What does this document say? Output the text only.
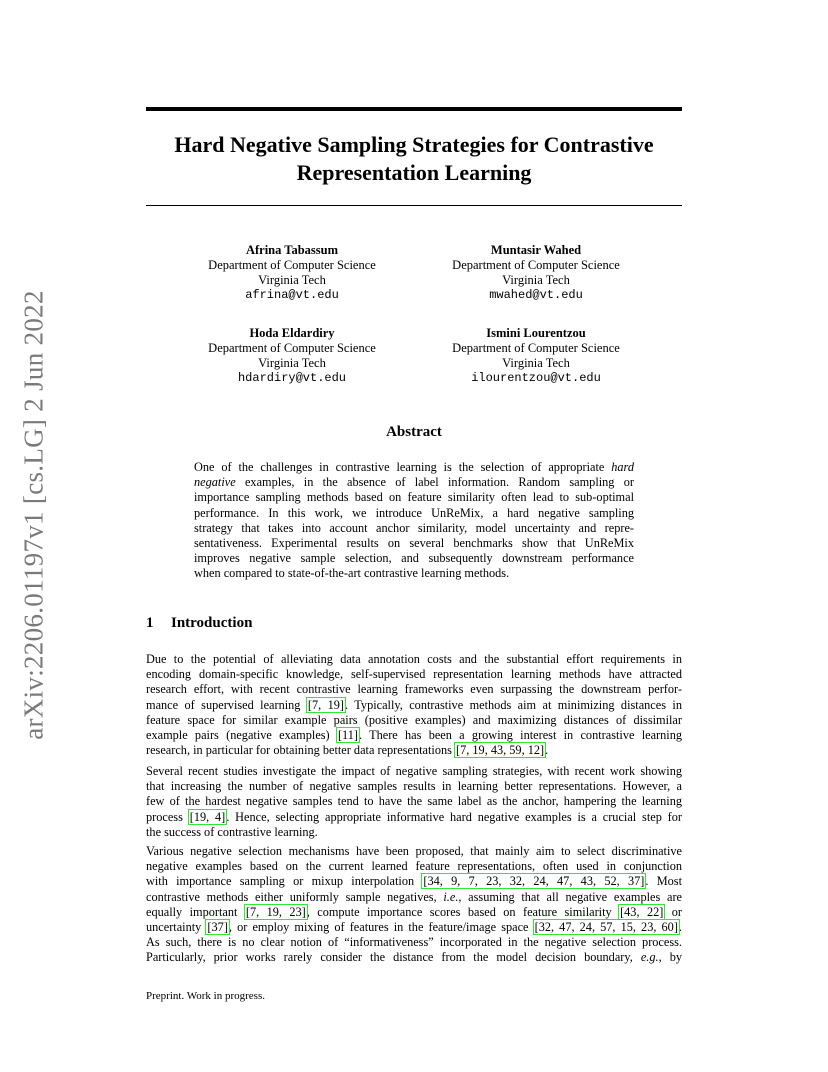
arXiv:2206.01197v1 [cs.LG] 2 Jun 2022
Hard Negative Sampling Strategies for Contrastive
Representation Learning
Afrina Tabassum
Department of Computer Science
Virginia Tech
afrina@vt.edu
Muntasir Wahed
Department of Computer Science
Virginia Tech
mwahed@vt.edu
Hoda Eldardiry
Department of Computer Science
Virginia Tech
hdardiry@vt.edu
Ismini Lourentzou
Department of Computer Science
Virginia Tech
ilourentzou@vt.edu
Abstract
One of the challenges in contrastive learning is the selection of appropriate hard
negative examples, in the absence of label information. Random sampling or
importance sampling methods based on feature similarity often lead to sub-optimal
performance. In this work, we introduce UnReMix, a hard negative sampling
strategy that takes into account anchor similarity, model uncertainty and repre-
sentativeness. Experimental results on several benchmarks show that UnReMix
improves negative sample selection, and subsequently downstream performance
when compared to state-of-the-art contrastive learning methods.
1 Introduction
Due to the potential of alleviating data annotation costs and the substantial effort requirements in
encoding domain-specific knowledge, self-supervised representation learning methods have attracted
research effort, with recent contrastive learning frameworks even surpassing the downstream perfor-
mance of supervised learning [7, 19]. Typically, contrastive methods aim at minimizing distances in
feature space for similar example pairs (positive examples) and maximizing distances of dissimilar
example pairs (negative examples) [11]. There has been a growing interest in contrastive learning
research, in particular for obtaining better data representations [7, 19, 43, 59, 12].
Several recent studies investigate the impact of negative sampling strategies, with recent work showing
that increasing the number of negative samples results in learning better representations. However, a
few of the hardest negative samples tend to have the same label as the anchor, hampering the learning
process [19, 4]. Hence, selecting appropriate informative hard negative examples is a crucial step for
the success of contrastive learning.
Various negative selection mechanisms have been proposed, that mainly aim to select discriminative
negative examples based on the current learned feature representations, often used in conjunction
with importance sampling or mixup interpolation [34, 9, 7, 23, 32, 24, 47, 43, 52, 37]. Most
contrastive methods either uniformly sample negatives, i.e., assuming that all negative examples are
equally important [7, 19, 23], compute importance scores based on feature similarity [43, 22] or
uncertainty [37], or employ mixing of features in the feature/image space [32, 47, 24, 57, 15, 23, 60].
As such, there is no clear notion of “informativeness” incorporated in the negative selection process.
Particularly, prior works rarely consider the distance from the model decision boundary, e.g., by
Preprint. Work in progress.
